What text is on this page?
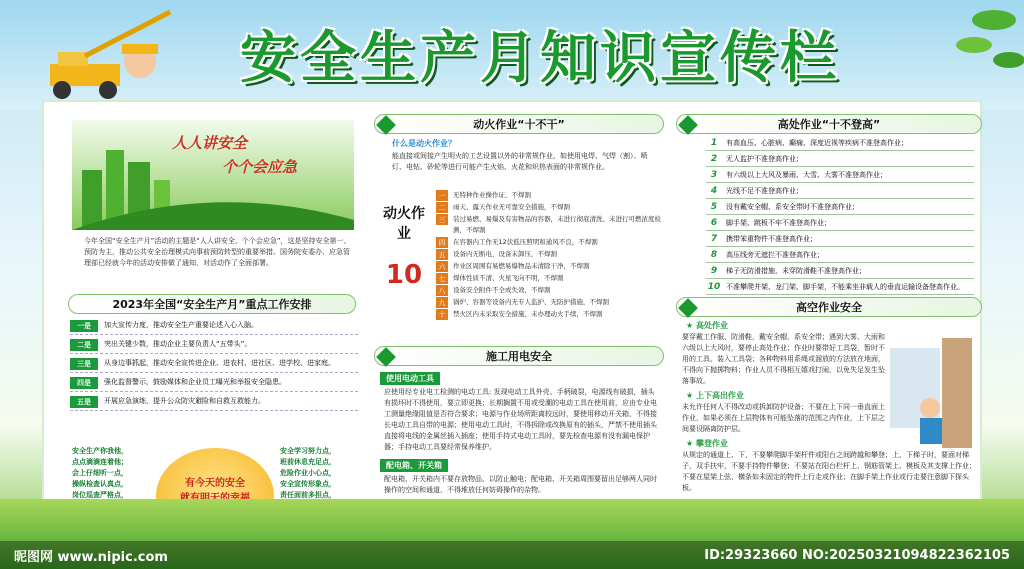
安全生产月知识宣传栏
人人讲安全
个个会应急
今年全国“安全生产月”活动的主题是“人人讲安全、个个会应急”，这是坚持安全第一、预防为主，推动公共安全治理模式向事前预防转型的重要举措。国务院安委办、应急管理部已经就今年的活动安排做了通知，对活动作了全面部署。
2023年全国“安全生产月”重点工作安排
一是	加大宣传力度，推动安全生产重要论述入心入脑。
二是	突出关键少数，推动企业主要负责人“五带头”。
三是	从身边事抓起，推动安全宣传进企业、进农村、进社区、进学校、进家庭。
四是	强化监督警示，鼓励媒体和企业员工曝光和举报安全隐患。
五是	开展应急演练，提升公众防灾避险和自救互救能力。
安全生产你我他，
点点滴滴连着他；
会上仔细听一点，
操纵检查认真点，
岗位巡查严格点，
有今天的安全
安全学习努力点，
班前休息充足点，
危险作业小心点，
安全宣传形象点，
责任面前多担点，
动火作业“十不干”
什么是动火作业？
能直接或间接产生明火的工艺设置以外的非常规作业，如使用电焊、气焊（割）、喷灯、电钻、砂轮等进行可能产生火焰、火花和炽热表面的非常规作业。
动火作业
10
一	无特种作业操作证，不焊割
二	雨天、露天作业无可靠安全措施，不焊割
三	装过易燃、易爆及有害物品的容器，未进行彻底清洗、未进行可燃浓度检测，不焊割
四	在容器内工作无12伏低压照明和通风不良，不焊割
五	设备内无断电，设备未卸压，不焊割
六	作业区周围有易燃易爆物品未清除干净，不焊割
七	焊体性质不清、火星飞向不明，不焊割
八	设备安全附件不全或失效，不焊割
九	锅炉、容器等设备内无专人监护、无防护措施，不焊割
十	禁火区内未采取安全措施、未办理动火手续，不焊割
施工用电安全
使用电动工具
应使用经专业电工检测的电动工具: 发现电动工具外壳、手柄破裂，电源线有破损，插头有损坏时不得使用，要立即更换；长期搁置不用或受潮的电动工具在使用前，应由专业电工测量绝缘阻值是否符合要求；电源与作业场所距离较远时，要使用移动开关箱，不得接长电动工具自带的电源；使用电动工具时，不得拆除或改换原有的插头，严禁不使用插头直接将电线的金属丝插入插座；使用手持式电动工具时，要先检查电源有没有漏电保护器；手持电动工具要经常保养维护。
配电箱、开关箱
配电箱、开关箱内不要存放物品，以防止触电；配电箱、开关箱周围要留出足够两人同时操作的空间和通道，不得堆放任何妨碍操作的杂物。
高处作业“十不登高”
1	有高血压、心脏病、癫痫、深度近视等疾病不准登高作业；
2	无人监护不准登高作业；
3	有六级以上大风及暴雨、大雪、大雾不准登高作业；
4	光线不足不准登高作业；
5	没有戴安全帽、系安全带时不准登高作业；
6	脚手架、跳板不牢不准登高作业；
7	携带笨重物件不准登高作业；
8	高压线旁无遮拦不准登高作业；
9	梯子无防滑措施、未穿防滑鞋不准登高作业；
10 不准攀爬井架、龙门架、脚手架，不能乘坐非载人的垂直运输设备登高作业。
高空作业安全
★ 高处作业
要穿戴工作服、防滑鞋，戴安全帽、系安全带；遇到大雾、大雨和六级以上大风时，要停止高处作业；作业时要带好工具袋，暂时不用的工具，装入工具袋；各种物料用系绳或溜放的方法放在地面，不得向下抛掷物料；作业人员不得相互嬉戏打闹，以免失足发生坠落事故。
★ 上下高出作业
未允许任何人不得改动或拆卸防护设备；不要在上下同一垂直面上作业，如果必须在上层物体有可能坠落的范围之内作业，上下层之间要设隔离防护层。
★ 攀登作业
从规定的通道上、下，不要攀爬脚手架杆件或阳台之间跨越和攀登；上、下梯子时，要面对梯子，双手扶牢，不要手持物件攀登；不要站在阳台栏杆上、钢筋管架上、模板及其支撑上作业；不要在屋架上弦、横条如未固定的物件上行走或作业；在脚手架上作业或行走要注意脚下探头板。
昵图网 www.nipic.com	ID:29323660 NO:20250321094822362105
